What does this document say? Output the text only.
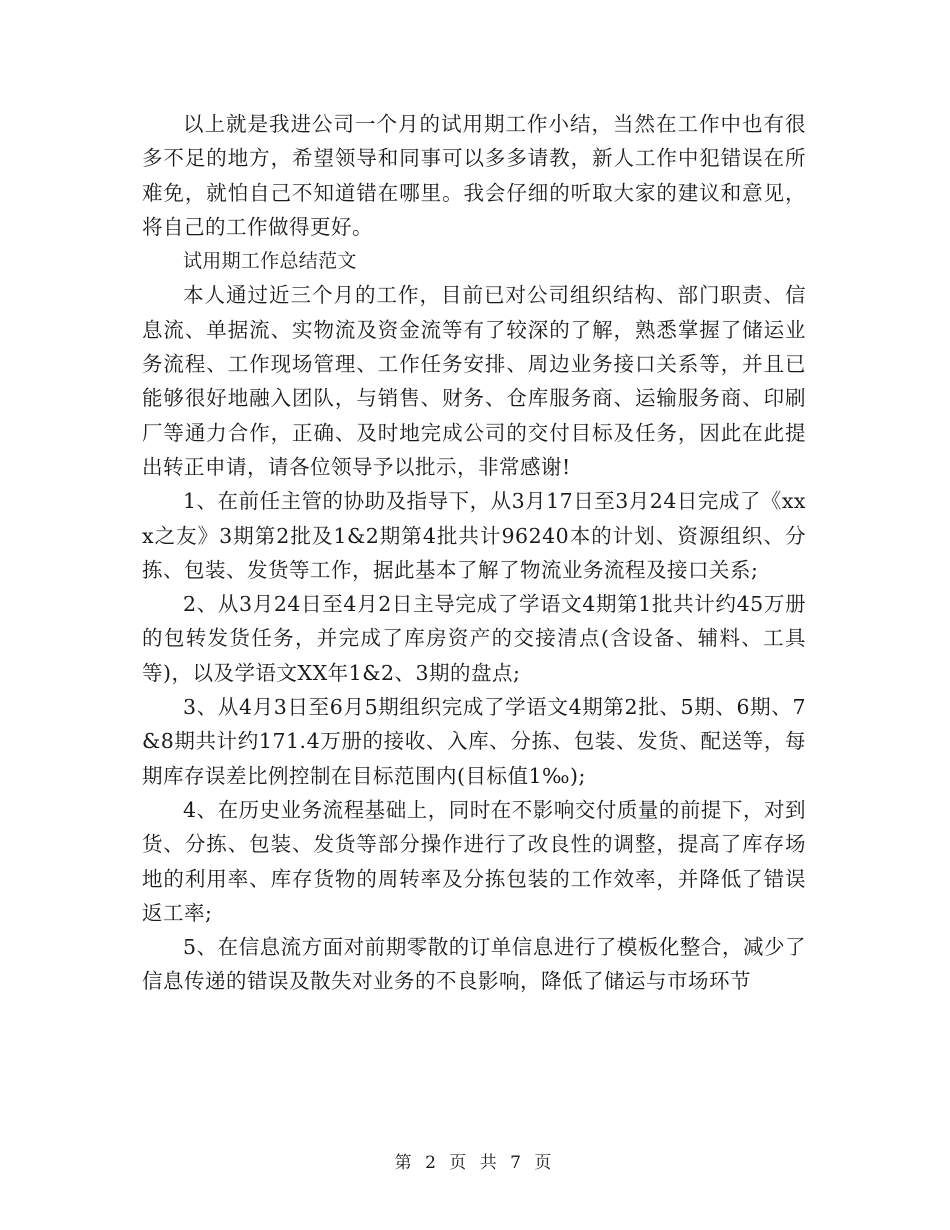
以上就是我进公司一个月的试用期工作小结，当然在工作中也有很多不足的地方，希望领导和同事可以多多请教，新人工作中犯错误在所难免，就怕自己不知道错在哪里。我会仔细的听取大家的建议和意见，将自己的工作做得更好。

试用期工作总结范文

本人通过近三个月的工作，目前已对公司组织结构、部门职责、信息流、单据流、实物流及资金流等有了较深的了解，熟悉掌握了储运业务流程、工作现场管理、工作任务安排、周边业务接口关系等，并且已能够很好地融入团队，与销售、财务、仓库服务商、运输服务商、印刷厂等通力合作，正确、及时地完成公司的交付目标及任务，因此在此提出转正申请，请各位领导予以批示，非常感谢!

1、在前任主管的协助及指导下，从3月17日至3月24日完成了《xxx之友》3期第2批及1&2期第4批共计96240本的计划、资源组织、分拣、包装、发货等工作，据此基本了解了物流业务流程及接口关系;

2、从3月24日至4月2日主导完成了学语文4期第1批共计约45万册的包转发货任务，并完成了库房资产的交接清点(含设备、辅料、工具等)，以及学语文XX年1&2、3期的盘点;

3、从4月3日至6月5期组织完成了学语文4期第2批、5期、6期、7&8期共计约171.4万册的接收、入库、分拣、包装、发货、配送等，每期库存误差比例控制在目标范围内(目标值1‰);

4、在历史业务流程基础上，同时在不影响交付质量的前提下，对到货、分拣、包装、发货等部分操作进行了改良性的调整，提高了库存场地的利用率、库存货物的周转率及分拣包装的工作效率，并降低了错误返工率;

5、在信息流方面对前期零散的订单信息进行了模板化整合，减少了信息传递的错误及散失对业务的不良影响，降低了储运与市场环节

第 2 页 共 7 页
